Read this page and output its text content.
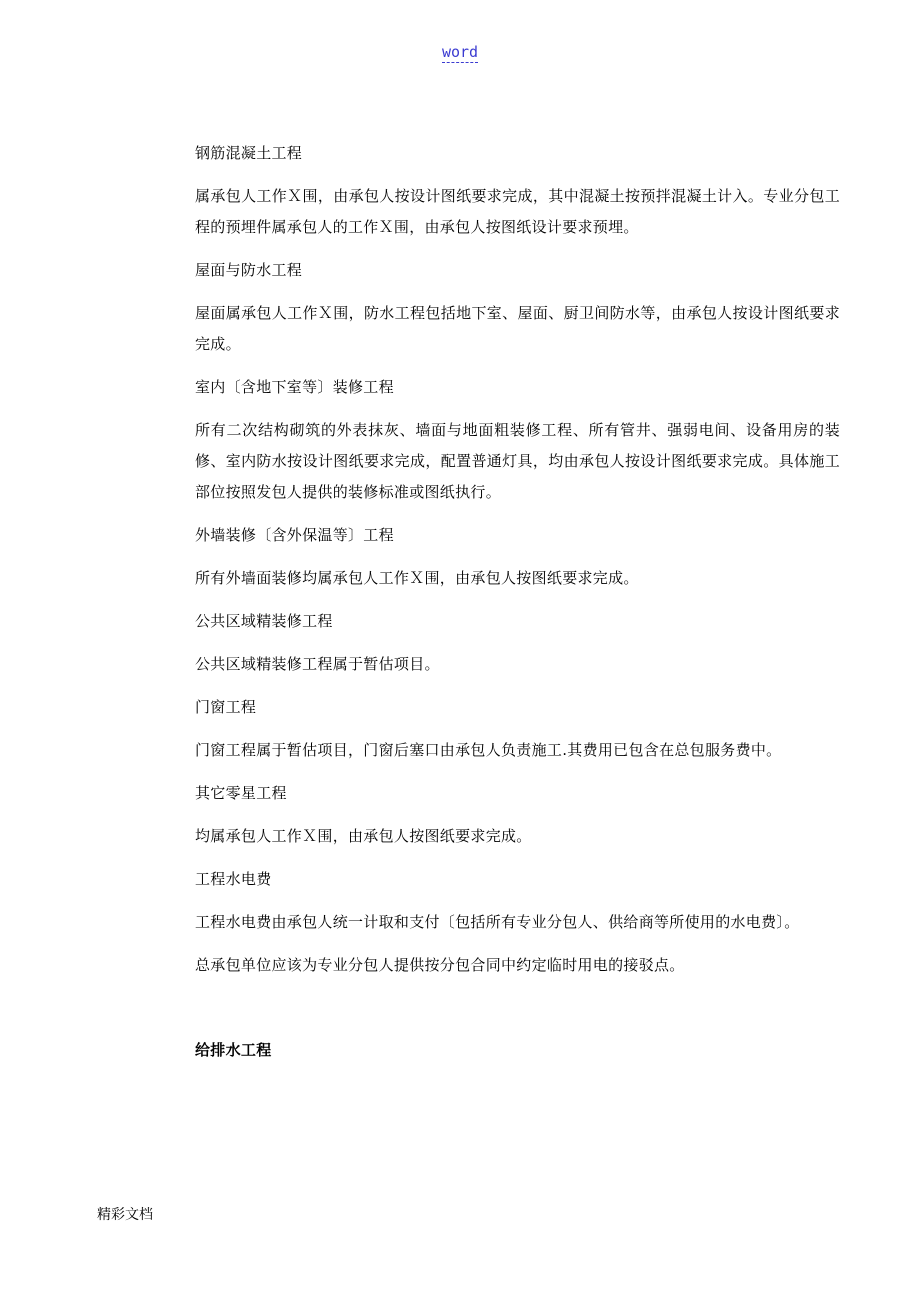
word

钢筋混凝土工程

属承包人工作Ｘ围，由承包人按设计图纸要求完成，其中混凝土按预拌混凝土计入。专业分包工程的预埋件属承包人的工作Ｘ围，由承包人按图纸设计要求预埋。

屋面与防水工程

屋面属承包人工作Ｘ围，防水工程包括地下室、屋面、厨卫间防水等，由承包人按设计图纸要求完成。

室内〔含地下室等〕装修工程

所有二次结构砌筑的外表抹灰、墙面与地面粗装修工程、所有管井、强弱电间、设备用房的装修、室内防水按设计图纸要求完成，配置普通灯具，均由承包人按设计图纸要求完成。具体施工部位按照发包人提供的装修标准或图纸执行。

外墙装修〔含外保温等〕工程

所有外墙面装修均属承包人工作Ｘ围，由承包人按图纸要求完成。

公共区域精装修工程

公共区域精装修工程属于暂估项目。

门窗工程

门窗工程属于暂估项目，门窗后塞口由承包人负责施工.其费用已包含在总包服务费中。

其它零星工程

均属承包人工作Ｘ围，由承包人按图纸要求完成。

工程水电费

工程水电费由承包人统一计取和支付〔包括所有专业分包人、供给商等所使用的水电费〕。

总承包单位应该为专业分包人提供按分包合同中约定临时用电的接驳点。

给排水工程

精彩文档
